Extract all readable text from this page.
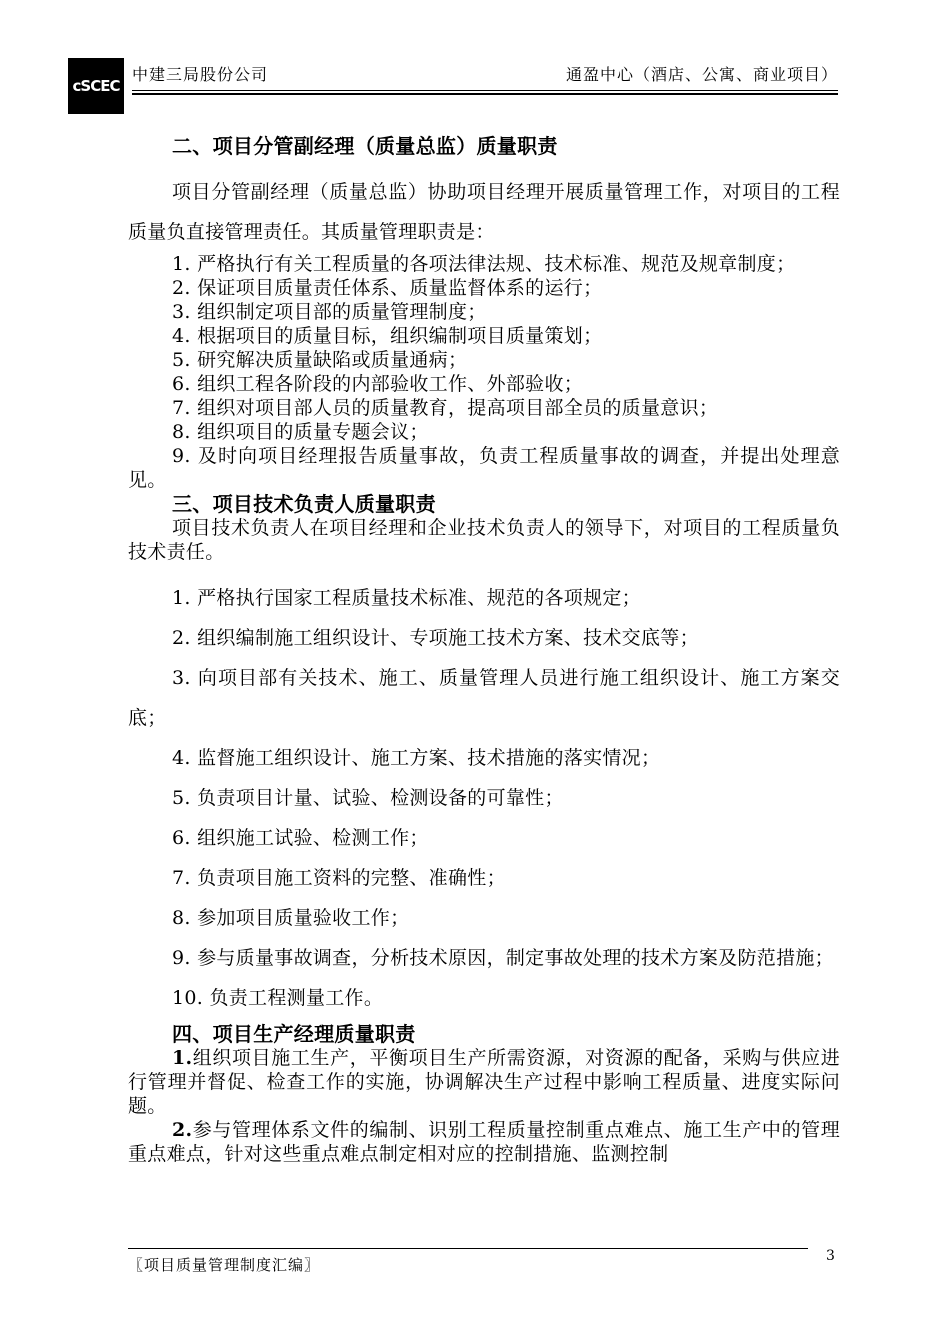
cSCEC
中建三局股份公司	通盈中心（酒店、公寓、商业项目）

二、项目分管副经理（质量总监）质量职责

项目分管副经理（质量总监）协助项目经理开展质量管理工作，对项目的工程质量负直接管理责任。其质量管理职责是：

1. 严格执行有关工程质量的各项法律法规、技术标准、规范及规章制度；

2. 保证项目质量责任体系、质量监督体系的运行；

3. 组织制定项目部的质量管理制度；

4. 根据项目的质量目标，组织编制项目质量策划；

5. 研究解决质量缺陷或质量通病；

6. 组织工程各阶段的内部验收工作、外部验收；

7. 组织对项目部人员的质量教育，提高项目部全员的质量意识；

8. 组织项目的质量专题会议；

9. 及时向项目经理报告质量事故，负责工程质量事故的调查，并提出处理意见。

三、项目技术负责人质量职责

项目技术负责人在项目经理和企业技术负责人的领导下，对项目的工程质量负技术责任。

1. 严格执行国家工程质量技术标准、规范的各项规定；

2. 组织编制施工组织设计、专项施工技术方案、技术交底等；

3. 向项目部有关技术、施工、质量管理人员进行施工组织设计、施工方案交底；

4. 监督施工组织设计、施工方案、技术措施的落实情况；

5. 负责项目计量、试验、检测设备的可靠性；

6. 组织施工试验、检测工作；

7. 负责项目施工资料的完整、准确性；

8. 参加项目质量验收工作；

9. 参与质量事故调查，分析技术原因，制定事故处理的技术方案及防范措施；

10. 负责工程测量工作。

四、项目生产经理质量职责

1.组织项目施工生产，平衡项目生产所需资源，对资源的配备，采购与供应进行管理并督促、检查工作的实施，协调解决生产过程中影响工程质量、进度实际问题。

2.参与管理体系文件的编制、识别工程质量控制重点难点、施工生产中的管理重点难点，针对这些重点难点制定相对应的控制措施、监测控制

〖项目质量管理制度汇编〗	3
